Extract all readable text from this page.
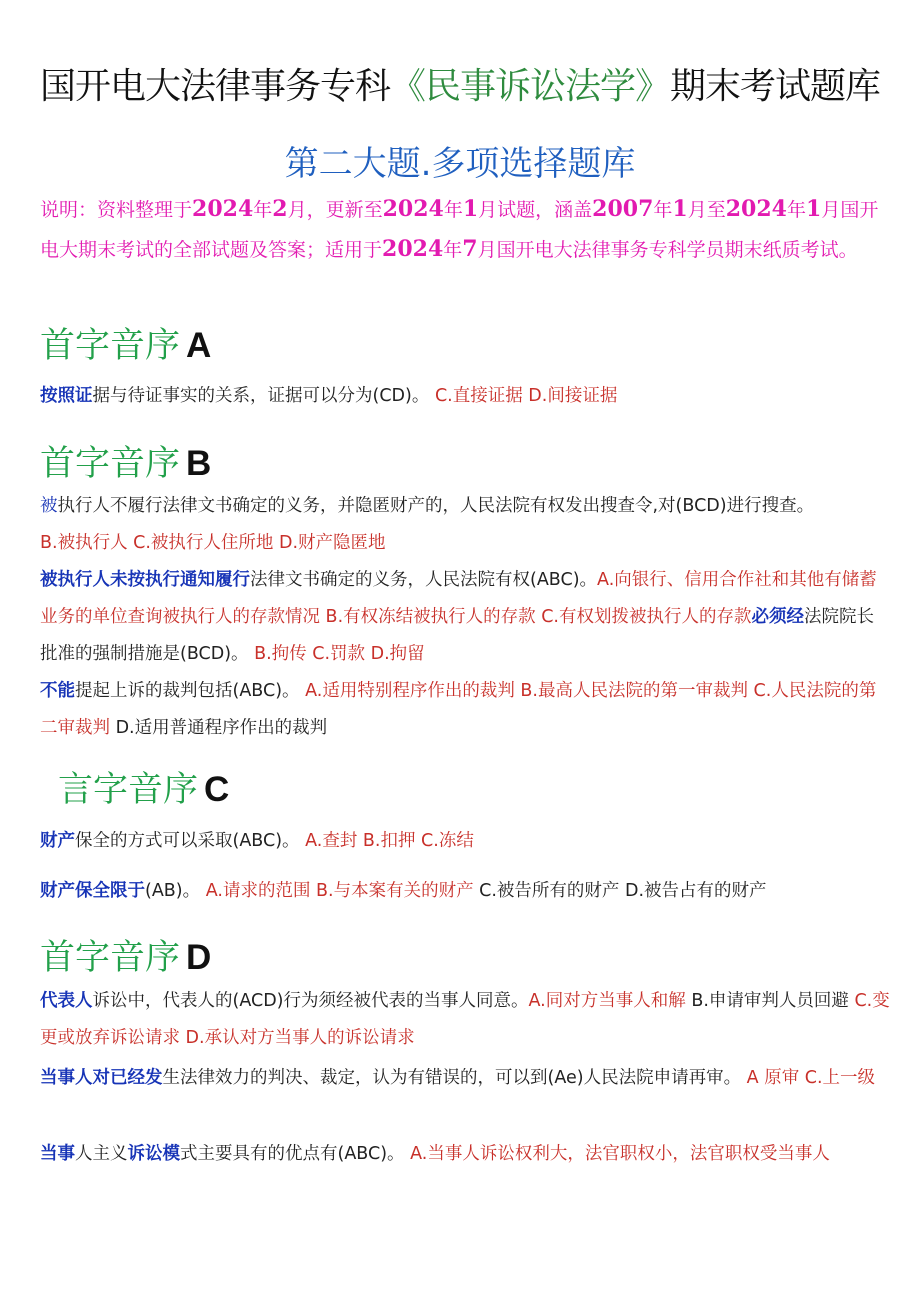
国开电大法律事务专科《民事诉讼法学》期末考试题库
第二大题.多项选择题库
说明：资料整理于2024年2月，更新至2024年1月试题，涵盖2007年1月至2024年1月国开电大期末考试的全部试题及答案；适用于2024年7月国开电大法律事务专科学员期末纸质考试。
首字音序 A
按照证据与待证事实的关系，证据可以分为(CD)。 C.直接证据 D.间接证据
首字音序 B
被执行人不履行法律文书确定的义务，并隐匿财产的，人民法院有权发出搜查令,对(BCD)进行搜查。
B.被执行人 C.被执行人住所地 D.财产隐匿地
被执行人未按执行通知履行法律文书确定的义务，人民法院有权(ABC)。A.向银行、信用合作社和其他有储蓄业务的单位查询被执行人的存款情况 B.有权冻结被执行人的存款 C.有权划拨被执行人的存款必须经法院院长批准的强制措施是(BCD)。 B.拘传 C.罚款 D.拘留
不能提起上诉的裁判包括(ABC)。 A.适用特别程序作出的裁判 B.最高人民法院的第一审裁判 C.人民法院的第二审裁判 D.适用普通程序作出的裁判
言字音序 C
财产保全的方式可以采取(ABC)。 A.查封 B.扣押 C.冻结
财产保全限于(AB)。 A.请求的范围 B.与本案有关的财产 C.被告所有的财产 D.被告占有的财产
首字音序 D
代表人诉讼中，代表人的(ACD)行为须经被代表的当事人同意。A.同对方当事人和解 B.申请审判人员回避 C.变更或放弃诉讼请求 D.承认对方当事人的诉讼请求
当事人对已经发生法律效力的判决、裁定，认为有错误的，可以到(Ae)人民法院申请再审。 A 原审 C.上一级
当事人主义诉讼模式主要具有的优点有(ABC)。 A.当事人诉讼权利大，法官职权小，法官职权受当事人
